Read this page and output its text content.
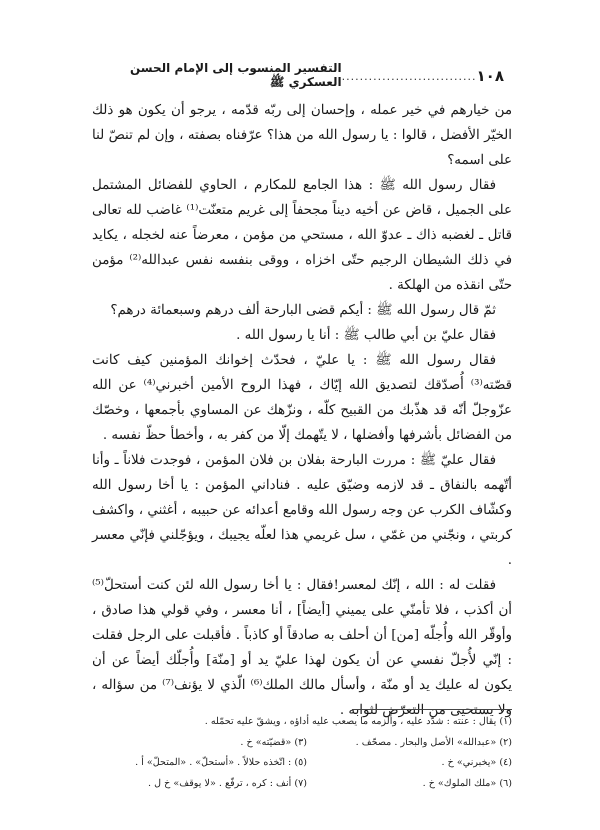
١٠٨
..............................
التفسير المنسوب إلى الإمام الحسن العسكري ﷺ

من خيارهم في خير عمله ، وإحسان إلى ربّه قدّمه ، يرجو أن يكون هو ذلك الخيّر الأفضل ، قالوا : يا رسول الله من هذا؟ عرّفناه بصفته ، وإن لم تنصّ لنا على اسمه؟

فقال رسول الله ﷺ : هذا الجامع للمكارم ، الحاوي للفضائل المشتمل على الجميل ، قاض عن أخيه ديناً مجحفاً إلى غريم متعنّت⁽¹⁾ غاضب لله تعالى قاتل ـ لغضبه ذاك ـ عدوّ الله ، مستحي من مؤمن ، معرضاً عنه لخجله ، يكايد في ذلك الشيطان الرجيم حتّى اخزاه ، ووقى بنفسه نفس عبدالله⁽²⁾ مؤمن حتّى انقذه من الهلكة .

ثمّ قال رسول الله ﷺ : أيكم قضى البارحة ألف درهم وسبعمائة درهم؟

فقال عليّ بن أبي طالب ﷺ : أنا يا رسول الله .

فقال رسول الله ﷺ : يا عليّ ، فحدّث إخوانك المؤمنين كيف كانت قصّته⁽³⁾ أُصدّقك لتصديق الله إيّاك ، فهذا الروح الأمين أخبرني⁽⁴⁾ عن الله عزّوجلّ أنّه قد هذّبك من القبيح كلّه ، ونزّهك عن المساوي بأجمعها ، وخصّك من الفضائل بأشرفها وأفضلها ، لا يتّهمك إلّا من كفر به ، وأخطأ حظّ نفسه .

فقال عليّ ﷺ : مررت البارحة بفلان بن فلان المؤمن ، فوجدت فلاناً ـ وأنا أتّهمه بالنفاق ـ قد لازمه وضيّق عليه . فناداني المؤمن : يا أخا رسول الله وكشّاف الكرب عن وجه رسول الله وقامع أعدائه عن حبيبه ، أغثني ، واكشف كربتي ، ونجّني من غمّي ، سل غريمي هذا لعلّه يجيبك ، ويؤجّلني فإنّي معسر .

فقلت له : الله ، إنّك لمعسر!فقال : يا أخا رسول الله لئن كنت أستحلّ⁽⁵⁾ أن أكذب ، فلا تأمنّي على يميني [أيضاً] ، أنا معسر ، وفي قولي هذا صادق ، وأوقّر الله وأُجلّه [من] أن أحلف به صادقاً أو كاذباً . فأقبلت على الرجل فقلت : إنّي لأُجلّ نفسي عن أن يكون لهذا عليّ يد أو [منّة] وأُجلّك أيضاً عن أن يكون له عليك يد أو منّة ، وأسأل مالك الملك⁽⁶⁾ الّذي لا يؤنف⁽⁷⁾ من سؤاله ، ولا يستحيى من التعرّض لثوابه .

(١) يقال : عنته : شدّد عليه ، وألزمه ما يصعب عليه أداؤه ، ويشقّ عليه تحمّله .
(٢) «عبدالله» الأصل والبحار . مصحّف .
(٣) «قضيّته» خ .
(٤) «يخبرني» خ .
(٥) : اتّخذه حلالاً . «أستحلّ» . «المتحلّ» أ .
(٦) «ملك الملوك» خ .
(٧) أنف : كره ، ترفّع . «لا يوقف» خ ل .
